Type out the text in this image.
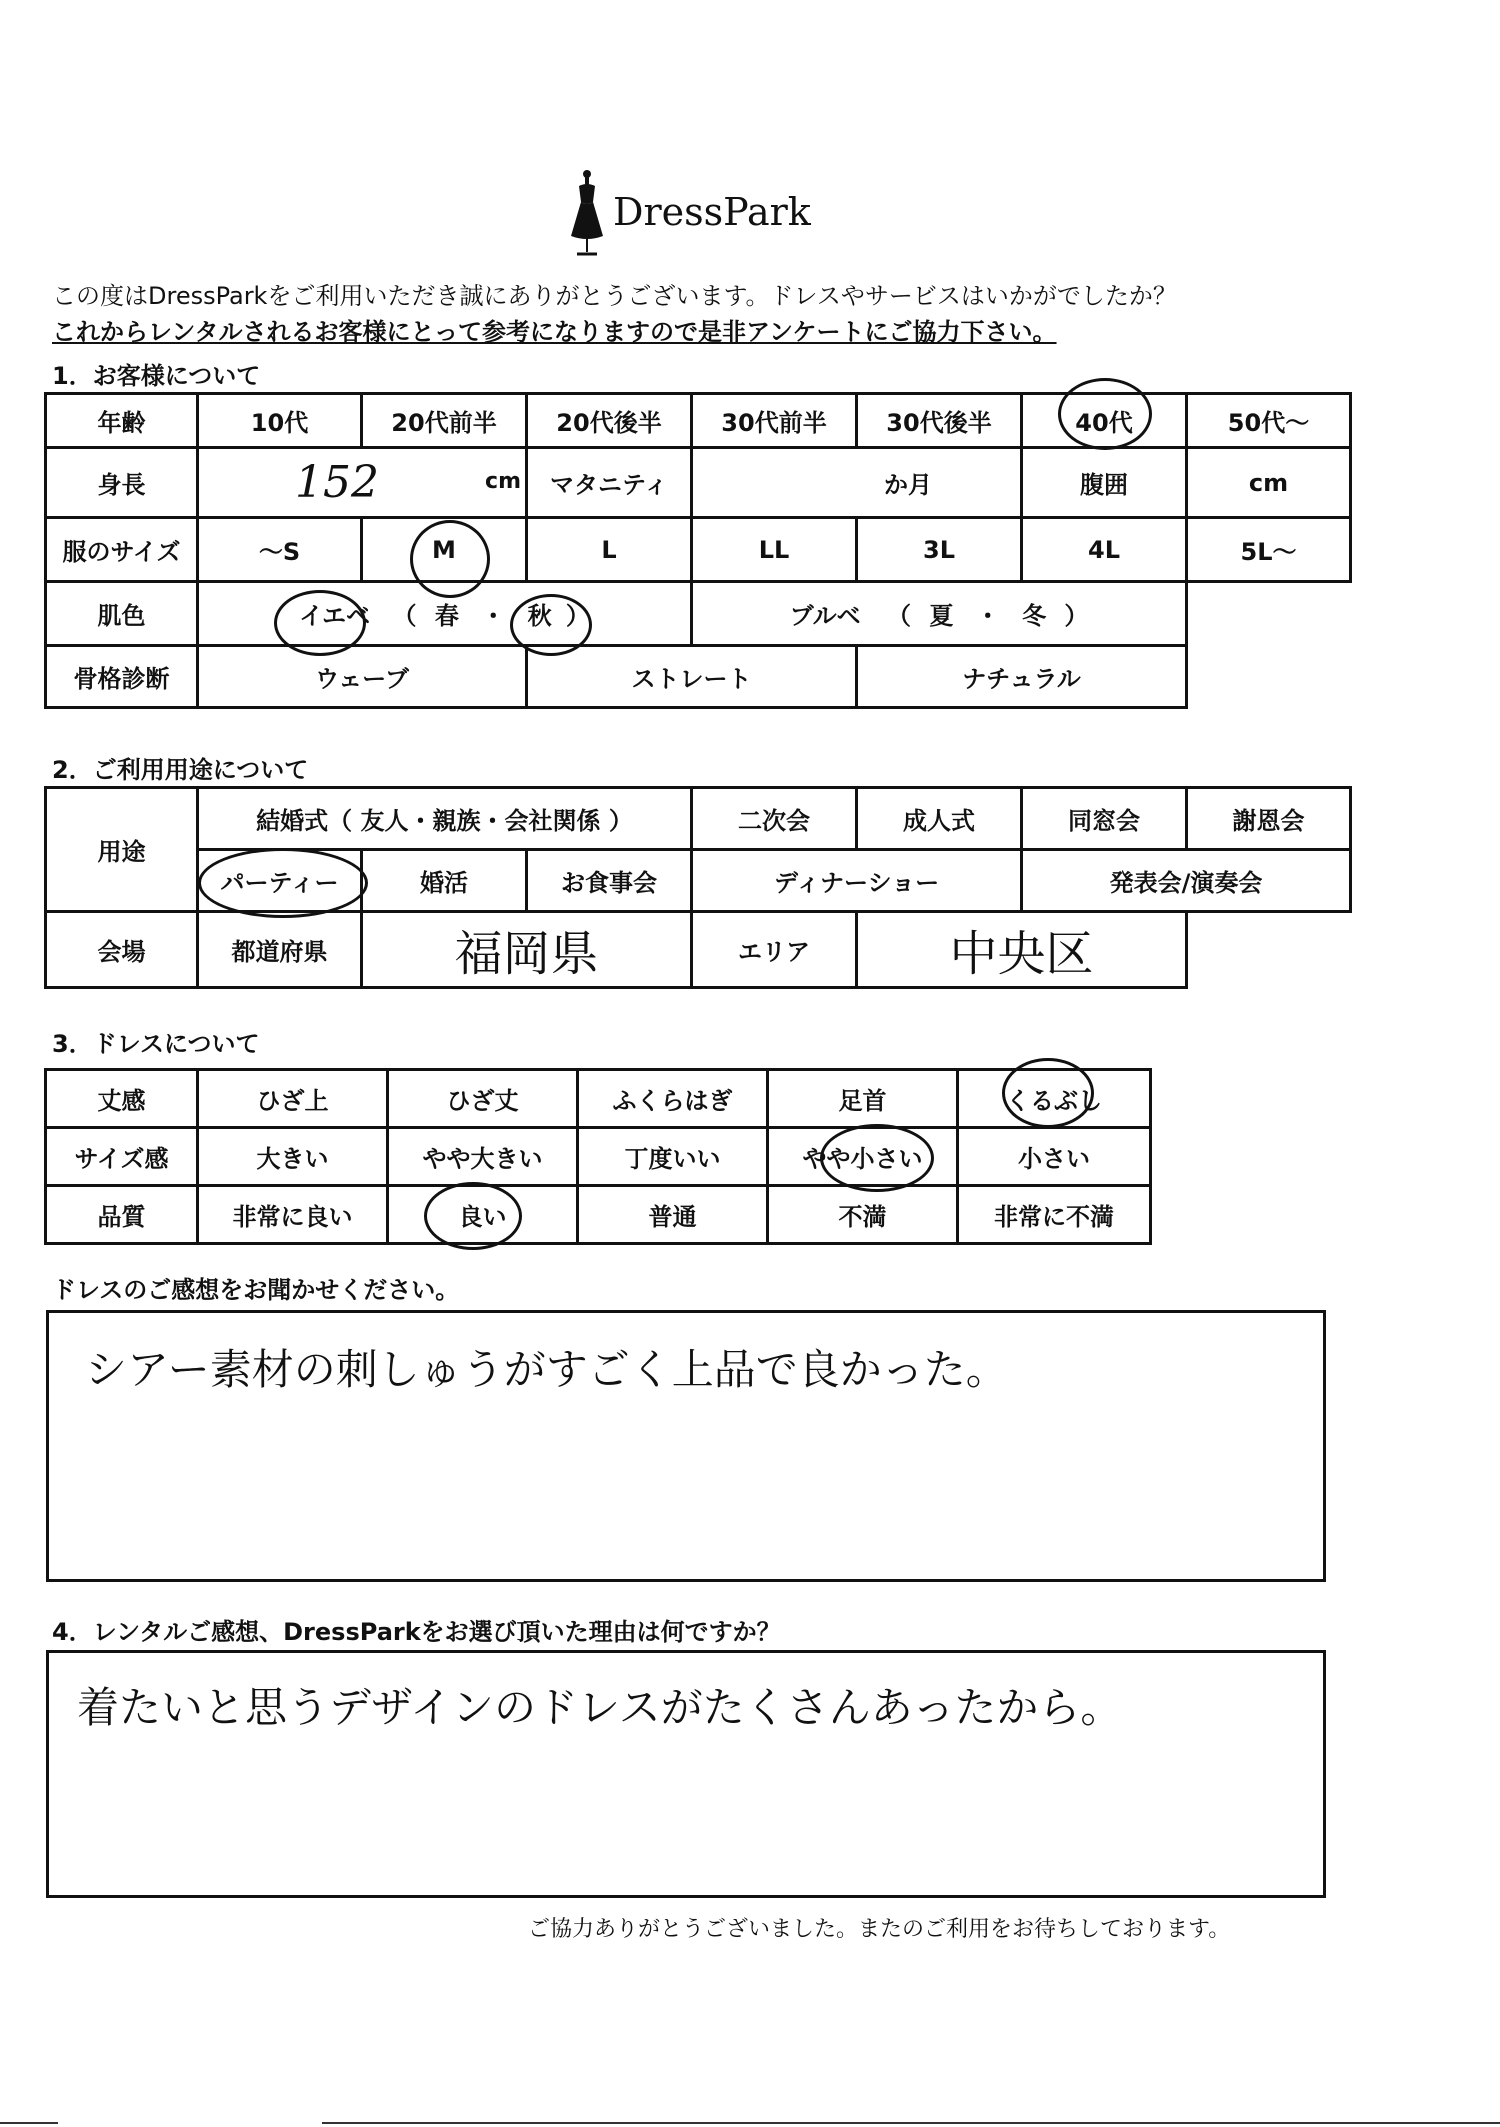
DressPark
この度はDressParkをご利用いただき誠にありがとうございます。ドレスやサービスはいかがでしたか？
これからレンタルされるお客様にとって参考になりますので是非アンケートにご協力下さい。
1．お客様について
年齢	10代	20代前半	20代後半	30代前半	30代後半	40代	50代～
身長	152 cm		マタニティ	か月		腹囲	cm
服のサイズ	～S	M	L	LL	3L	4L	5L～
肌色	イエベ （ 春 ・ 秋 ）			ブルベ （ 夏 ・ 冬 ）			
骨格診断	ウェーブ		ストレート		ナチュラル		
2．ご利用用途について
用途	結婚式（ 友人・親族・会社関係 ）			二次会	成人式	同窓会	謝恩会
	パーティー	婚活	お食事会	ディナーショー		発表会/演奏会	
会場	都道府県	福岡県		エリア	中央区		
3．ドレスについて
丈感	ひざ上	ひざ丈	ふくらはぎ	足首	くるぶし
サイズ感	大きい	やや大きい	丁度いい	やや小さい	小さい
品質	非常に良い	良い	普通	不満	非常に不満
ドレスのご感想をお聞かせください。
シアー素材の刺しゅうがすごく上品で良かった。
4．レンタルご感想、DressParkをお選び頂いた理由は何ですか？
着たいと思うデザインのドレスがたくさんあったから。
ご協力ありがとうございました。またのご利用をお待ちしております。
